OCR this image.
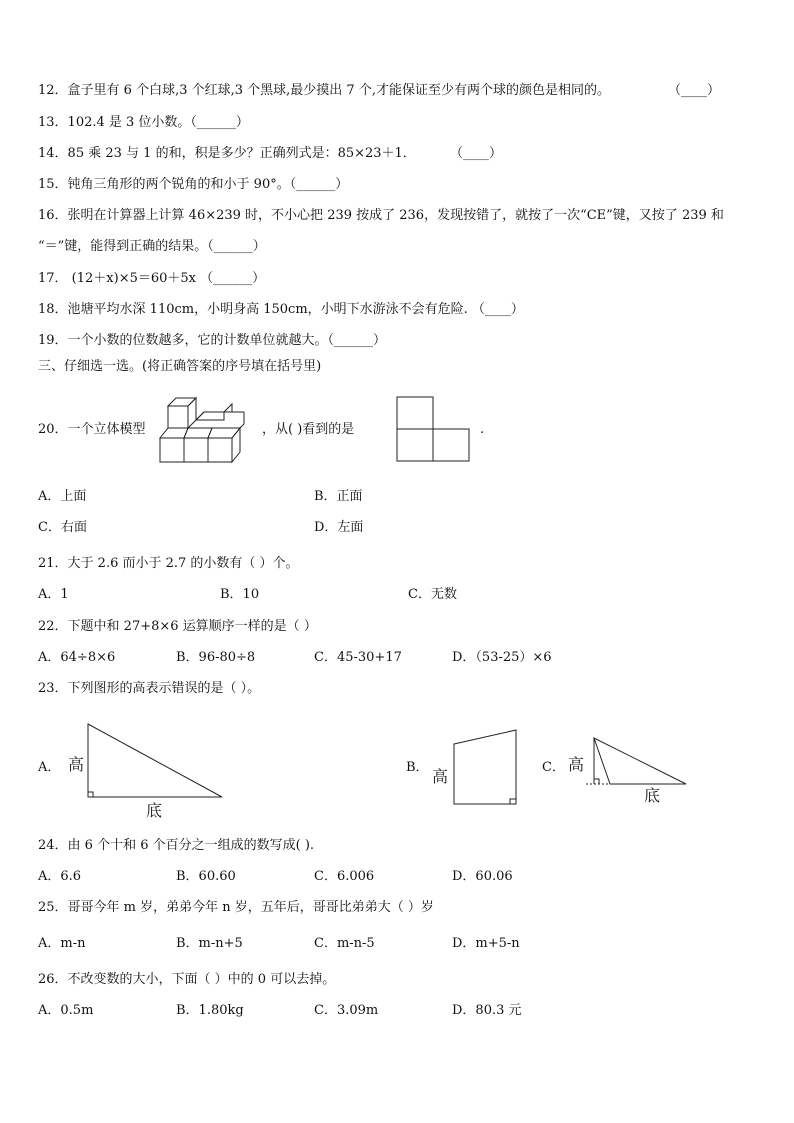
12．盒子里有 6 个白球,3 个红球,3 个黑球,最少摸出 7 个,才能保证至少有两个球的颜色是相同的。	（____）
13．102.4 是 3 位小数。（______）
14．85 乘 23 与 1 的和，积是多少？正确列式是：85×23＋1．	（____）
15．钝角三角形的两个锐角的和小于 90°。（______）
16．张明在计算器上计算 46×239 时，不小心把 239 按成了 236，发现按错了，就按了一次“CE”键，又按了 239 和
“＝”键，能得到正确的结果。（______）
17． (12＋x)×5＝60＋5x （______）
18．池塘平均水深 110cm，小明身高 150cm，小明下水游泳不会有危险. （____）
19．一个小数的位数越多，它的计数单位就越大。（______）
三、仔细选一选。(将正确答案的序号填在括号里)
20．一个立体模型	，从( )看到的是	.
A．上面	B．正面
C．右面	D．左面
21．大于 2.6 而小于 2.7 的小数有（ ）个。
A．1	B．10	C．无数
22．下题中和 27+8×6 运算顺序一样的是（ ）
A．64÷8×6	B．96-80÷8	C．45-30+17	D．（53-25）×6
23．下列图形的高表示错误的是（ ）。
A． 高
底
B．
高
C． 高
底
24．由 6 个十和 6 个百分之一组成的数写成( ).
A．6.6	B．60.60	C．6.006	D．60.06
25．哥哥今年 m 岁，弟弟今年 n 岁，五年后，哥哥比弟弟大（ ）岁
A．m-n	B．m-n+5	C．m-n-5	D．m+5-n
26．不改变数的大小，下面（ ）中的 0 可以去掉。
A．0.5m	B．1.80kg	C．3.09m	D．80.3 元
